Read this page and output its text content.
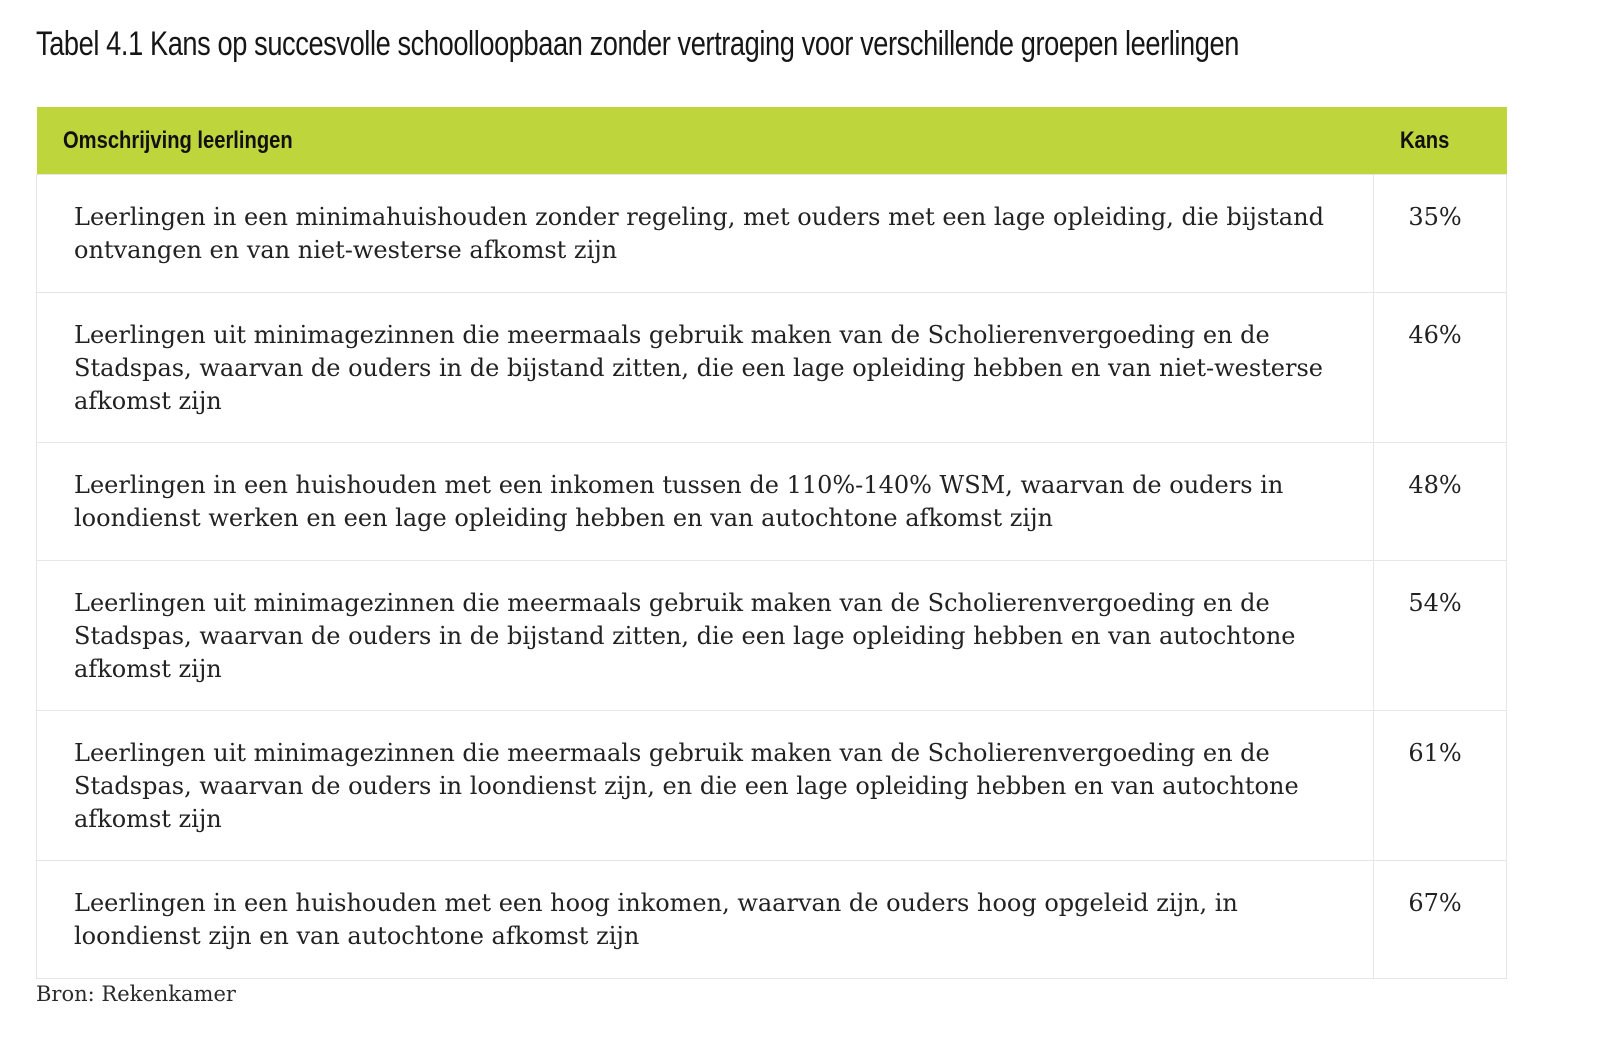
Tabel 4.1 Kans op succesvolle schoolloopbaan zonder vertraging voor verschillende groepen leerlingen
Omschrijving leerlingen	Kans
Leerlingen in een minimahuishouden zonder regeling, met ouders met een lage opleiding, die bijstand ontvangen en van niet-westerse afkomst zijn	35%
Leerlingen uit minimagezinnen die meermaals gebruik maken van de Scholierenvergoeding en de Stadspas, waarvan de ouders in de bijstand zitten, die een lage opleiding hebben en van niet-westerse afkomst zijn	46%
Leerlingen in een huishouden met een inkomen tussen de 110%-140% WSM, waarvan de ouders in loondienst werken en een lage opleiding hebben en van autochtone afkomst zijn	48%
Leerlingen uit minimagezinnen die meermaals gebruik maken van de Scholierenvergoeding en de Stadspas, waarvan de ouders in de bijstand zitten, die een lage opleiding hebben en van autochtone afkomst zijn	54%
Leerlingen uit minimagezinnen die meermaals gebruik maken van de Scholierenvergoeding en de Stadspas, waarvan de ouders in loondienst zijn, en die een lage opleiding hebben en van autochtone afkomst zijn	61%
Leerlingen in een huishouden met een hoog inkomen, waarvan de ouders hoog opgeleid zijn, in loondienst zijn en van autochtone afkomst zijn	67%
Bron: Rekenkamer
